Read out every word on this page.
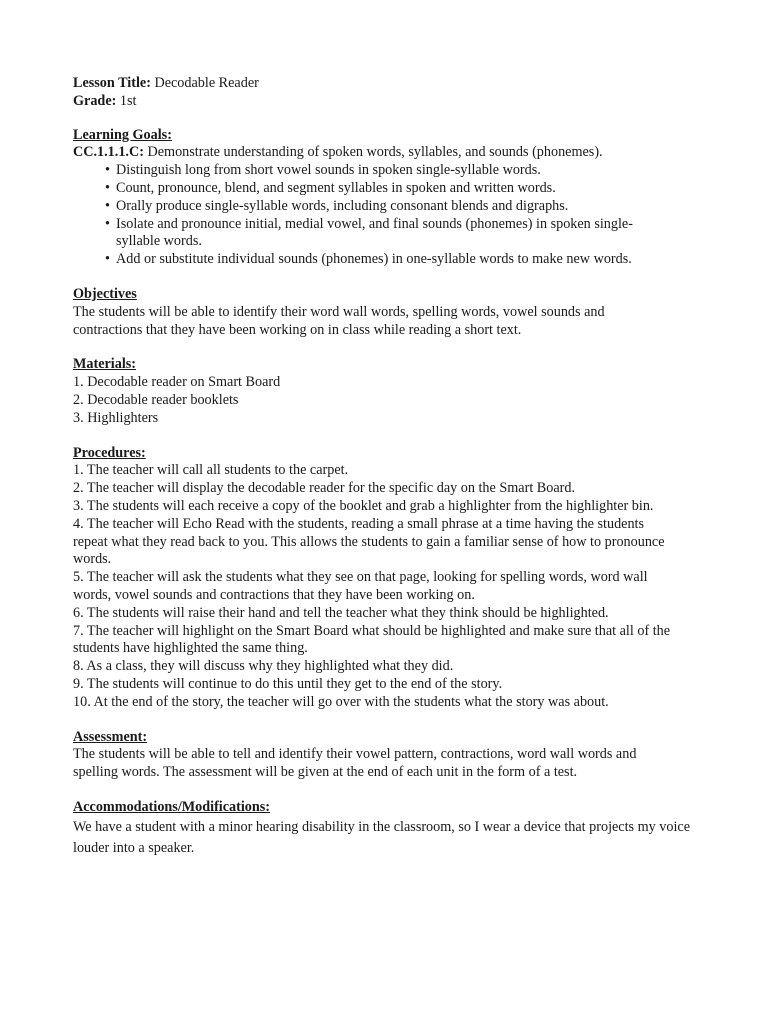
Lesson Title: Decodable Reader
Grade: 1st
Learning Goals:
CC.1.1.1.C: Demonstrate understanding of spoken words, syllables, and sounds (phonemes).
• Distinguish long from short vowel sounds in spoken single-syllable words.
• Count, pronounce, blend, and segment syllables in spoken and written words.
• Orally produce single-syllable words, including consonant blends and digraphs.
• Isolate and pronounce initial, medial vowel, and final sounds (phonemes) in spoken single-syllable words.
• Add or substitute individual sounds (phonemes) in one-syllable words to make new words.
Objectives
The students will be able to identify their word wall words, spelling words, vowel sounds and contractions that they have been working on in class while reading a short text.
Materials:
1. Decodable reader on Smart Board
2. Decodable reader booklets
3. Highlighters
Procedures:
1. The teacher will call all students to the carpet.
2. The teacher will display the decodable reader for the specific day on the Smart Board.
3. The students will each receive a copy of the booklet and grab a highlighter from the highlighter bin.
4. The teacher will Echo Read with the students, reading a small phrase at a time having the students repeat what they read back to you. This allows the students to gain a familiar sense of how to pronounce words.
5. The teacher will ask the students what they see on that page, looking for spelling words, word wall words, vowel sounds and contractions that they have been working on.
6. The students will raise their hand and tell the teacher what they think should be highlighted.
7. The teacher will highlight on the Smart Board what should be highlighted and make sure that all of the students have highlighted the same thing.
8. As a class, they will discuss why they highlighted what they did.
9. The students will continue to do this until they get to the end of the story.
10. At the end of the story, the teacher will go over with the students what the story was about.
Assessment:
The students will be able to tell and identify their vowel pattern, contractions, word wall words and spelling words. The assessment will be given at the end of each unit in the form of a test.
Accommodations/Modifications:
We have a student with a minor hearing disability in the classroom, so I wear a device that projects my voice louder into a speaker.
